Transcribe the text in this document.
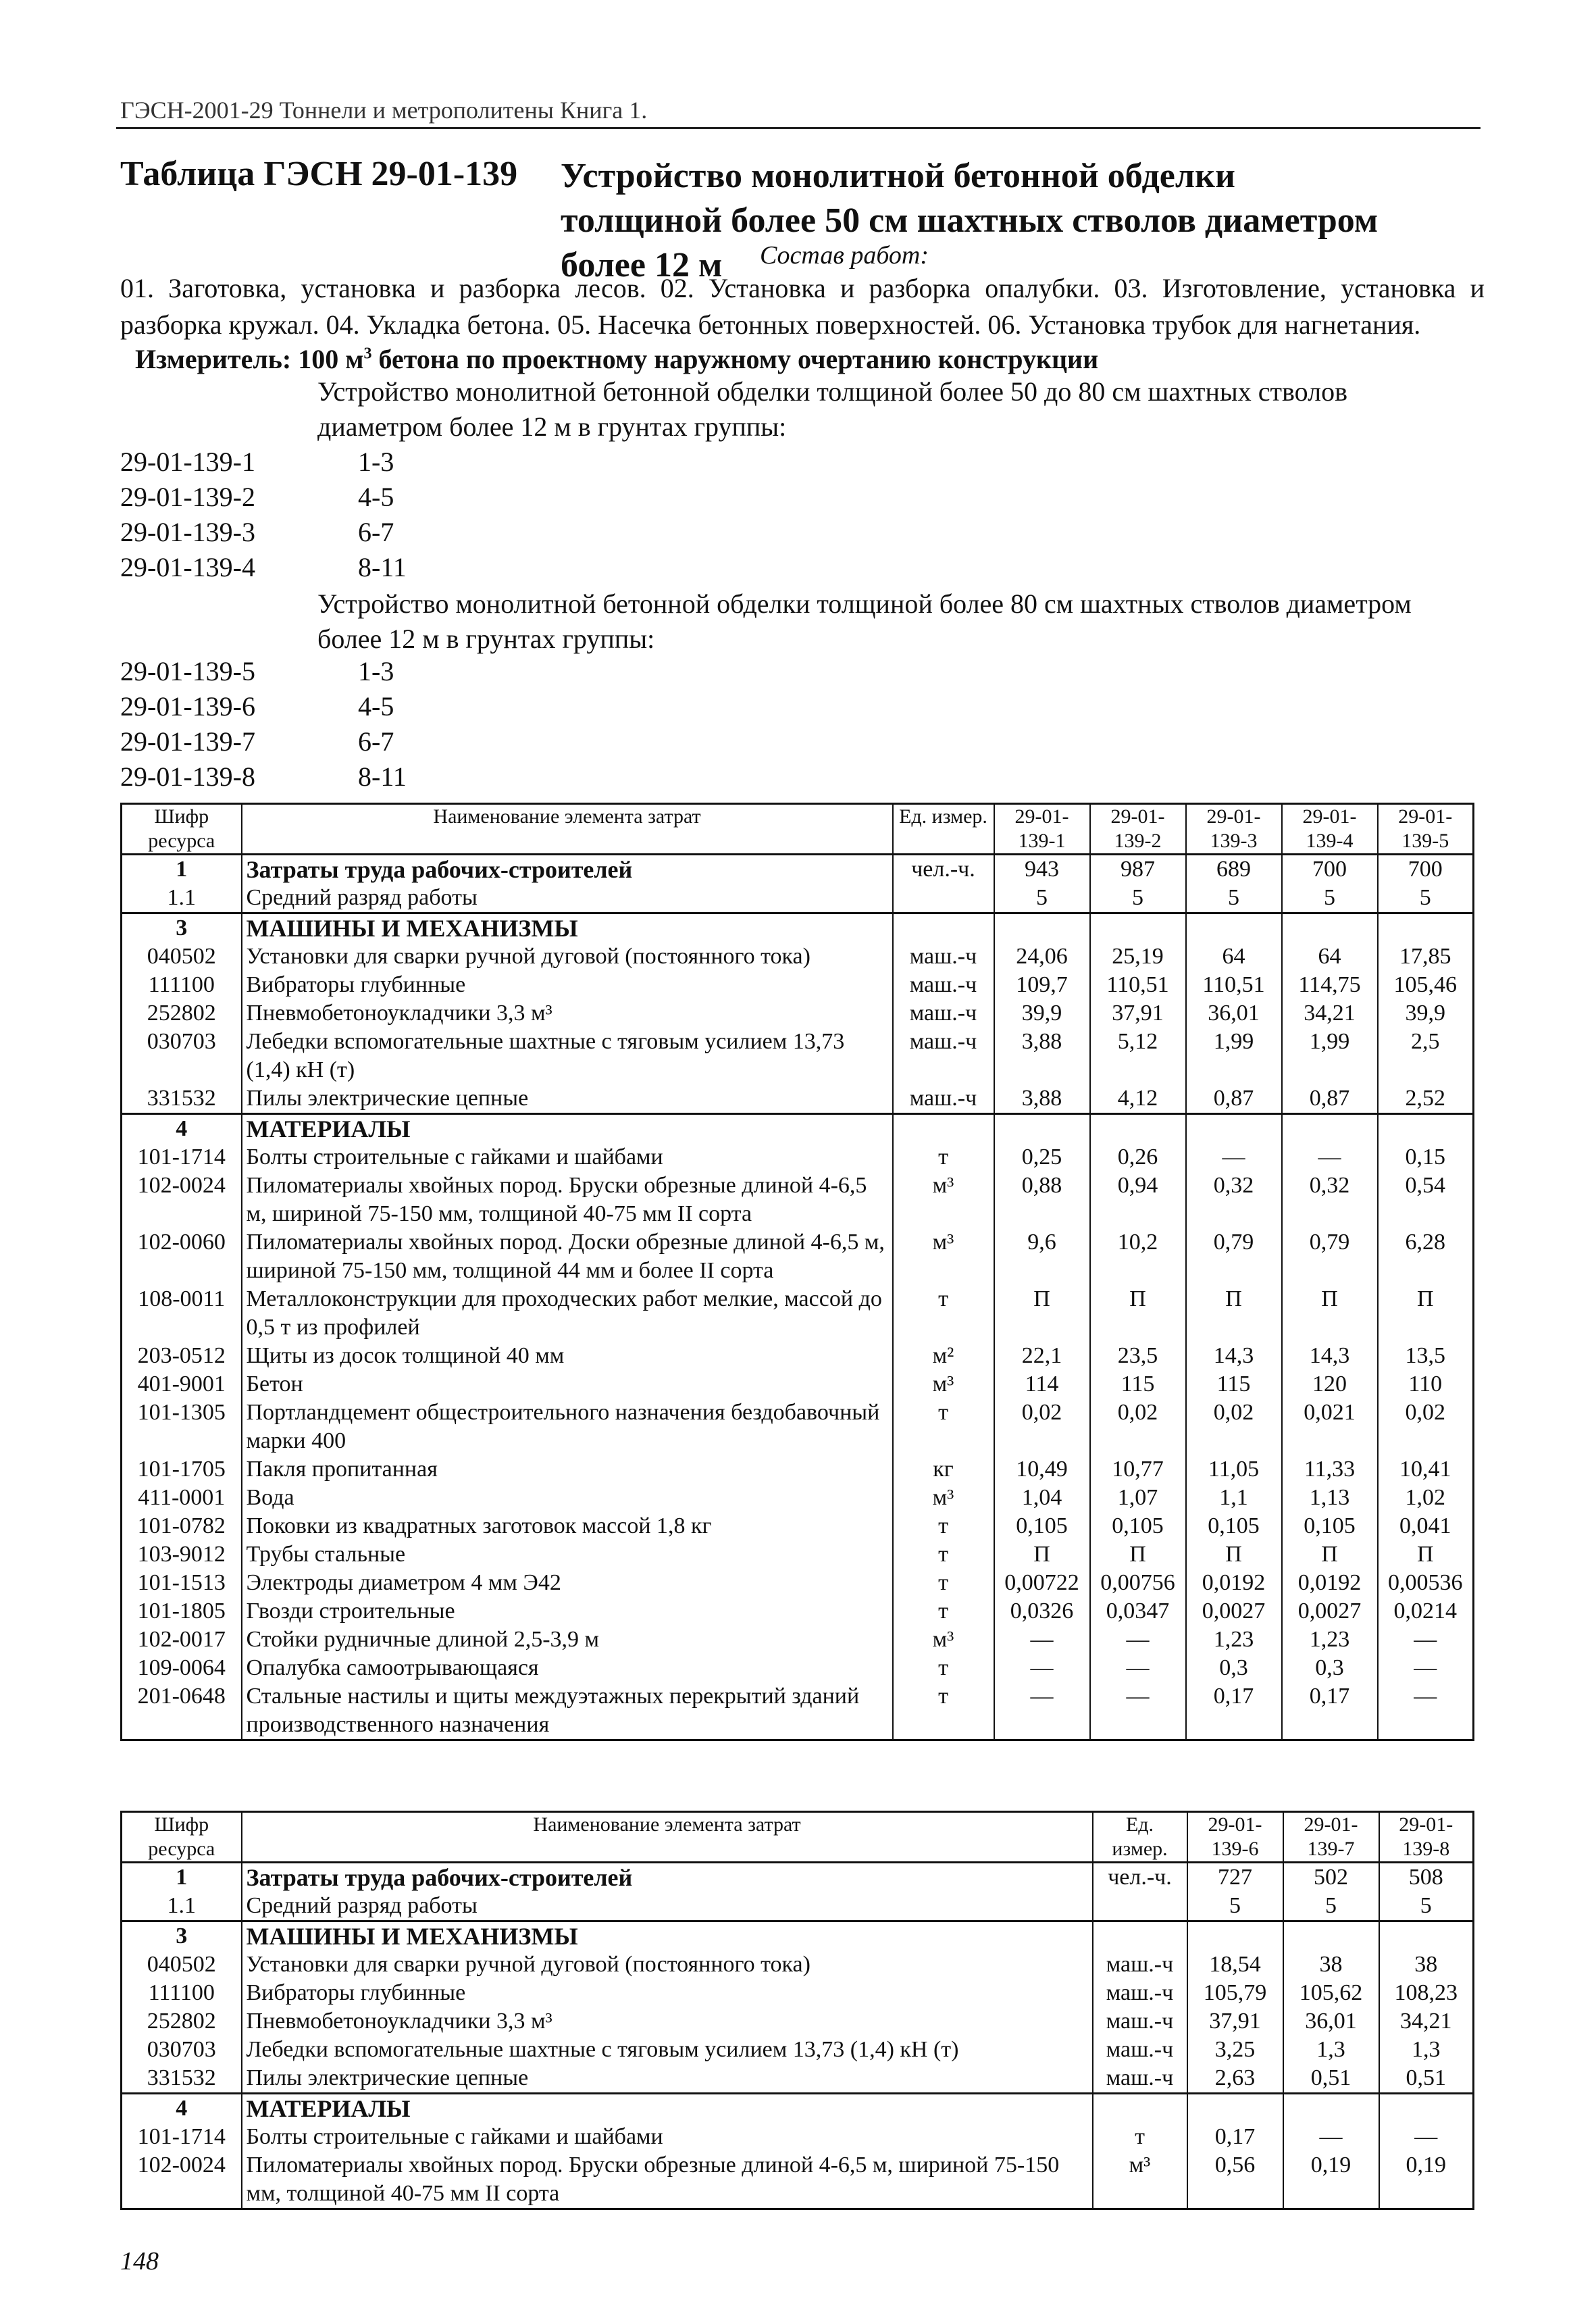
ГЭСН-2001-29 Тоннели и метрополитены Книга 1.
Таблица ГЭСН 29-01-139 Устройство монолитной бетонной обделки толщиной более 50 см шахтных стволов диаметром более 12 м	Состав работ:
01. Заготовка, установка и разборка лесов. 02. Установка и разборка опалубки. 03. Изготовление, установка и разборка кружал. 04. Укладка бетона. 05. Насечка бетонных поверхностей. 06. Установка трубок для нагнетания.
Измеритель: 100 $м^3$ бетона по проектному наружному очертанию конструкции
Устройство монолитной бетонной обделки толщиной более 50 до 80 см шахтных стволов диаметром более 12 м в грунтах группы:
29-01-139-1	1-3
29-01-139-2	4-5
29-01-139-3	6-7
29-01-139-4	8-11
Устройство монолитной бетонной обделки толщиной более 80 см шахтных стволов диаметром более 12 м в грунтах группы:
29-01-139-5	1-3
29-01-139-6	4-5
29-01-139-7	6-7
29-01-139-8	8-11
Шифр ресурса	Наименование элемента затрат	Ед. измер.	29-01-139-1	29-01-139-2	29-01-139-3	29-01-139-4	29-01-139-5
1	Затраты труда рабочих-строителей	чел.-ч.	943	987	689	700	700
1.1	Средний разряд работы		5	5	5	5	5
3	МАШИНЫ И МЕХАНИЗМЫ						
040502	Установки для сварки ручной дуговой (постоянного тока)	маш.-ч	24,06	25,19	64	64	17,85
111100	Вибраторы глубинные	маш.-ч	109,7	110,51	110,51	114,75	105,46
252802	Пневмобетоноукладчики 3,3 м³	маш.-ч	39,9	37,91	36,01	34,21	39,9
030703	Лебедки вспомогательные шахтные с тяговым усилием 13,73 (1,4) кН (т)	маш.-ч	3,88	5,12	1,99	1,99	2,5
331532	Пилы электрические цепные	маш.-ч	3,88	4,12	0,87	0,87	2,52
4	МАТЕРИАЛЫ						
101-1714	Болты строительные с гайками и шайбами	т	0,25	0,26	—	—	0,15
102-0024	Пиломатериалы хвойных пород. Бруски обрезные длиной 4-6,5 м, шириной 75-150 мм, толщиной 40-75 мм II сорта	м³	0,88	0,94	0,32	0,32	0,54
102-0060	Пиломатериалы хвойных пород. Доски обрезные длиной 4-6,5 м, шириной 75-150 мм, толщиной 44 мм и более II сорта	м³	9,6	10,2	0,79	0,79	6,28
108-0011	Металлоконструкции для проходческих работ мелкие, массой до 0,5 т из профилей	т	П	П	П	П	П
203-0512	Щиты из досок толщиной 40 мм	м²	22,1	23,5	14,3	14,3	13,5
401-9001	Бетон	м³	114	115	115	120	110
101-1305	Портландцемент общестроительного назначения бездобавочный марки 400	т	0,02	0,02	0,02	0,021	0,02
101-1705	Пакля пропитанная	кг	10,49	10,77	11,05	11,33	10,41
411-0001	Вода	м³	1,04	1,07	1,1	1,13	1,02
101-0782	Поковки из квадратных заготовок массой 1,8 кг	т	0,105	0,105	0,105	0,105	0,041
103-9012	Трубы стальные	т	П	П	П	П	П
101-1513	Электроды диаметром 4 мм Э42	т	0,00722	0,00756	0,0192	0,0192	0,00536
101-1805	Гвозди строительные	т	0,0326	0,0347	0,0027	0,0027	0,0214
102-0017	Стойки рудничные длиной 2,5-3,9 м	м³	—	—	1,23	1,23	—
109-0064	Опалубка самоотрывающаяся	т	—	—	0,3	0,3	—
201-0648	Стальные настилы и щиты междуэтажных перекрытий зданий производственного назначения	т	—	—	0,17	0,17	—
Шифр ресурса	Наименование элемента затрат	Ед. измер.	29-01-139-6	29-01-139-7	29-01-139-8
1	Затраты труда рабочих-строителей	чел.-ч.	727	502	508
1.1	Средний разряд работы		5	5	5
3	МАШИНЫ И МЕХАНИЗМЫ				
040502	Установки для сварки ручной дуговой (постоянного тока)	маш.-ч	18,54	38	38
111100	Вибраторы глубинные	маш.-ч	105,79	105,62	108,23
252802	Пневмобетоноукладчики 3,3 м³	маш.-ч	37,91	36,01	34,21
030703	Лебедки вспомогательные шахтные с тяговым усилием 13,73 (1,4) кН (т)	маш.-ч	3,25	1,3	1,3
331532	Пилы электрические цепные	маш.-ч	2,63	0,51	0,51
4	МАТЕРИАЛЫ				
101-1714	Болты строительные с гайками и шайбами	т	0,17	—	—
102-0024	Пиломатериалы хвойных пород. Бруски обрезные длиной 4-6,5 м, шириной 75-150 мм, толщиной 40-75 мм II сорта	м³	0,56	0,19	0,19
148
